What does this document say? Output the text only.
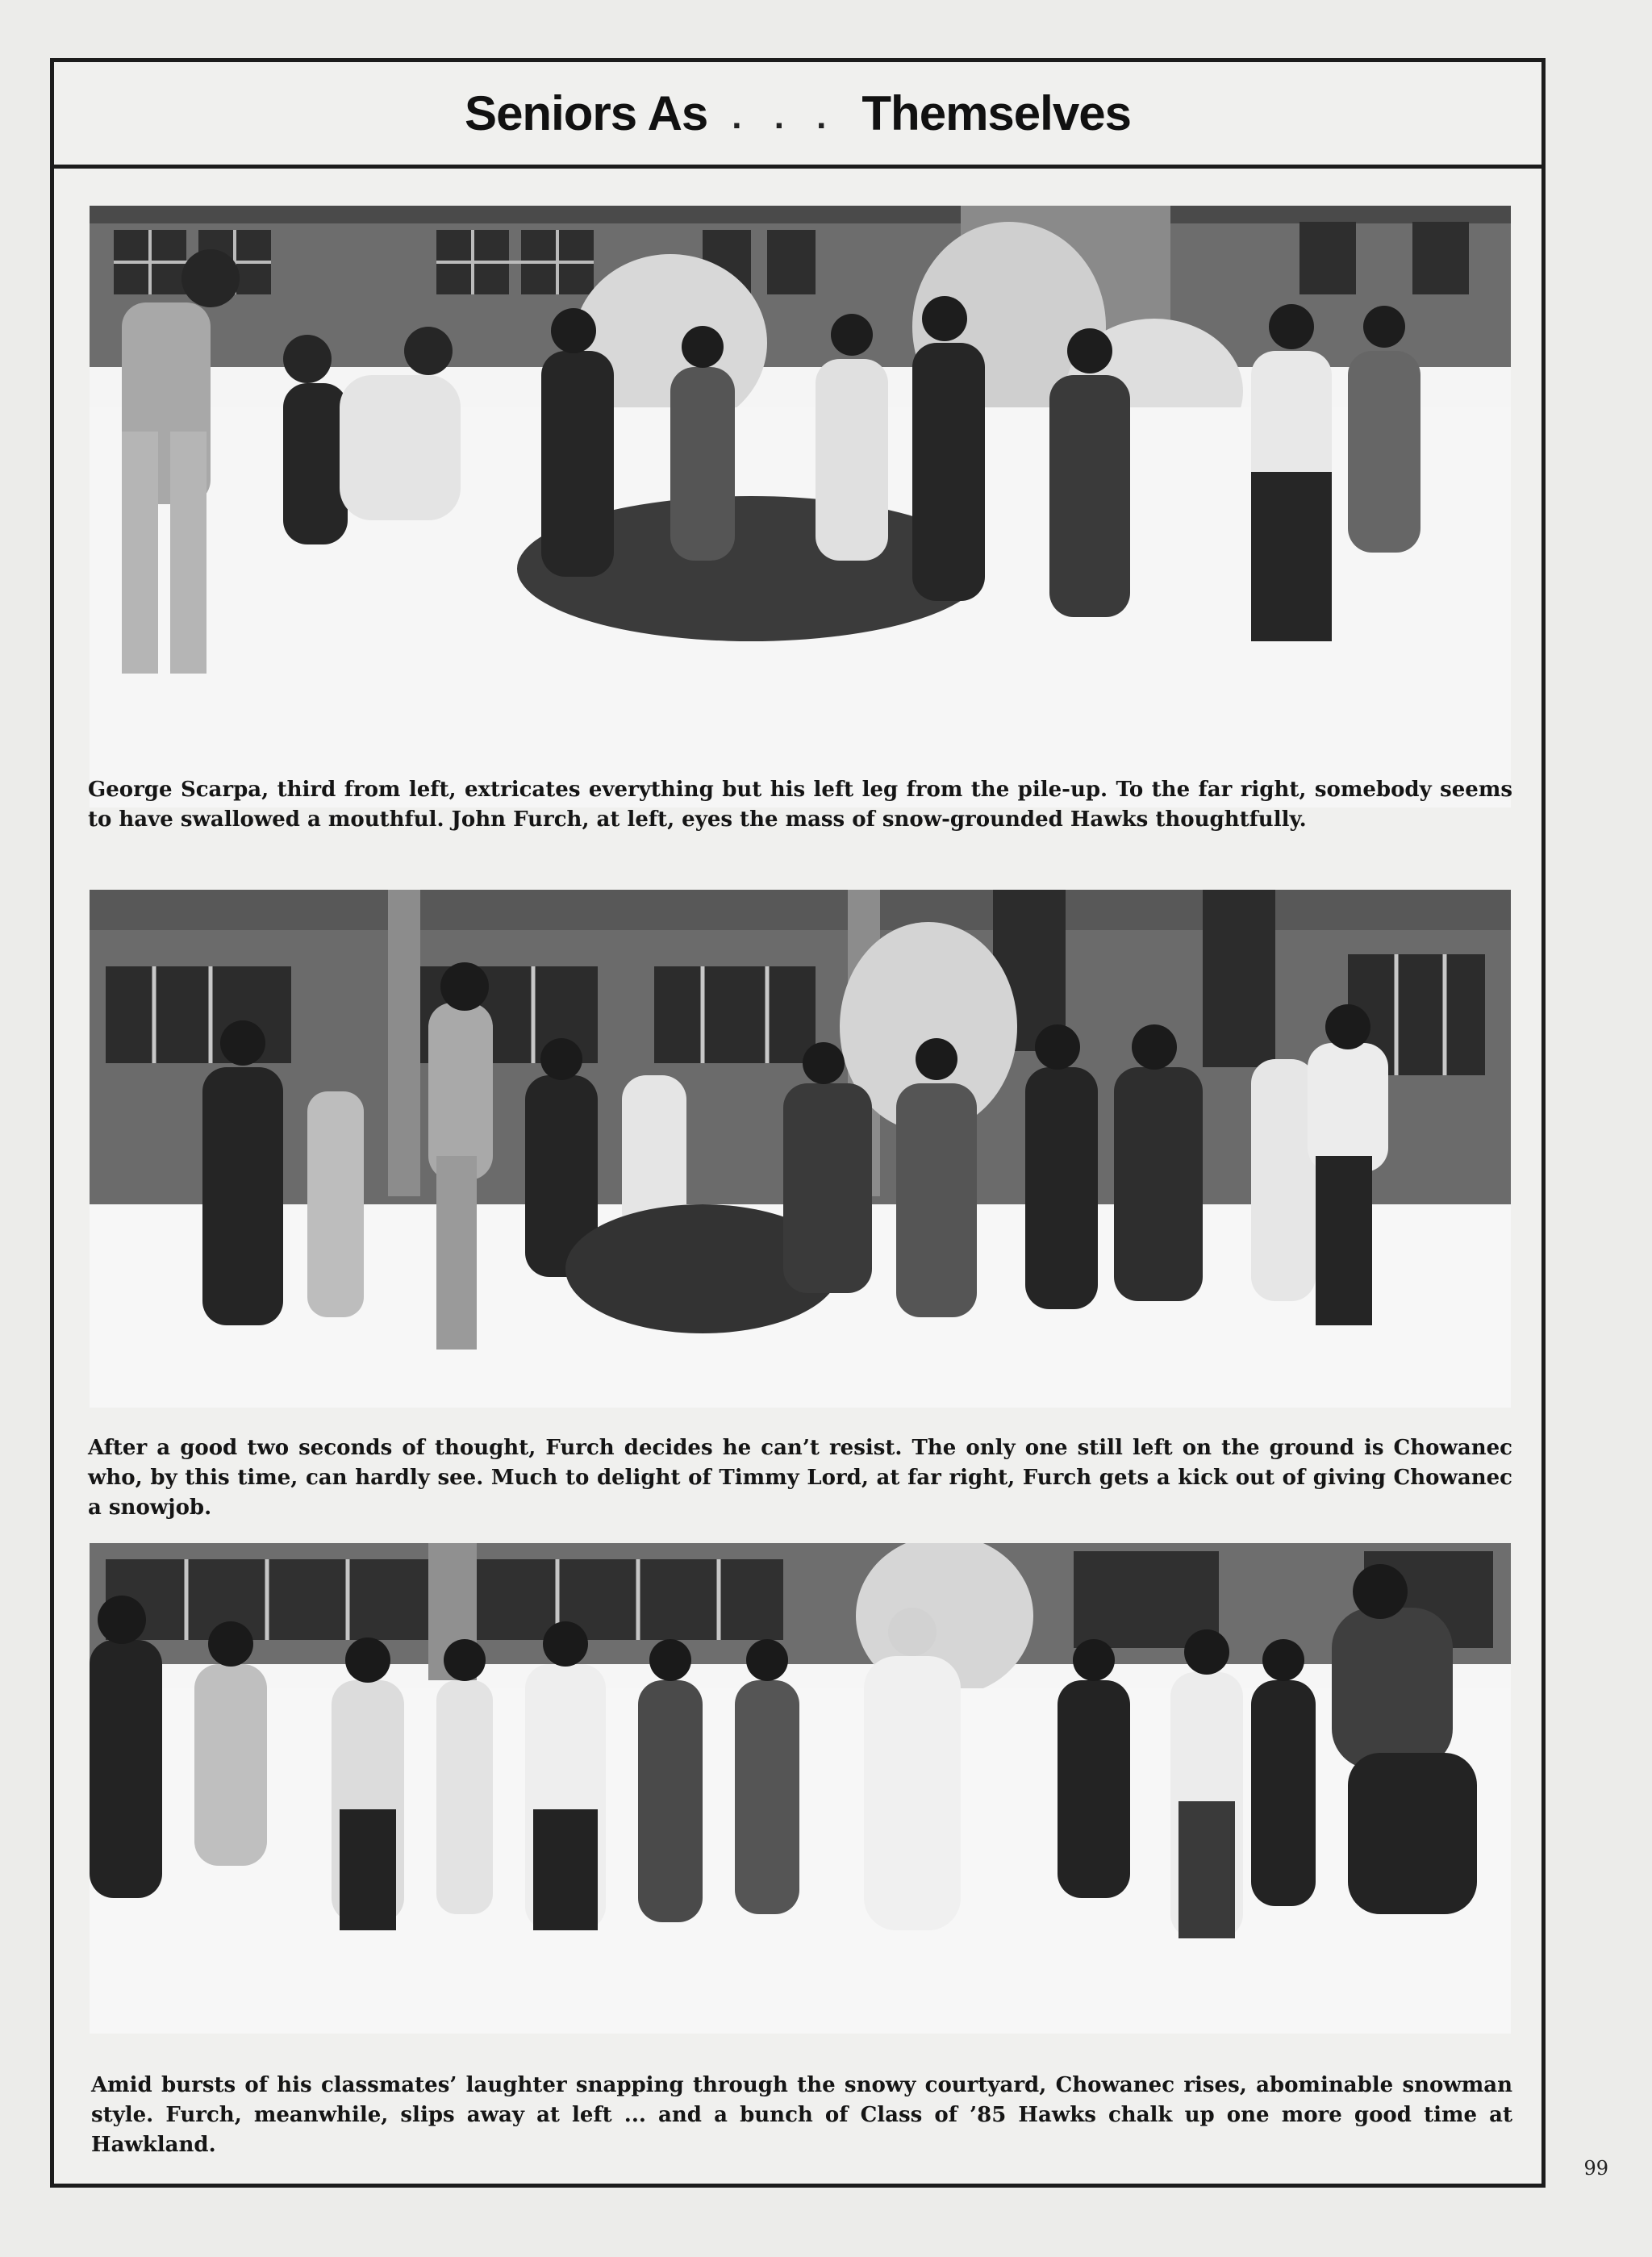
Seniors As . . . Themselves

George Scarpa, third from left, extricates everything but his left leg from the pile-up. To the far right, somebody seems to have swallowed a mouthful. John Furch, at left, eyes the mass of snow-grounded Hawks thoughtfully.

After a good two seconds of thought, Furch decides he can’t resist. The only one still left on the ground is Chowanec who, by this time, can hardly see. Much to delight of Timmy Lord, at far right, Furch gets a kick out of giving Chowanec a snowjob.

Amid bursts of his classmates’ laughter snapping through the snowy courtyard, Chowanec rises, abominable snowman style. Furch, meanwhile, slips away at left ... and a bunch of Class of ’85 Hawks chalk up one more good time at Hawkland.

99
